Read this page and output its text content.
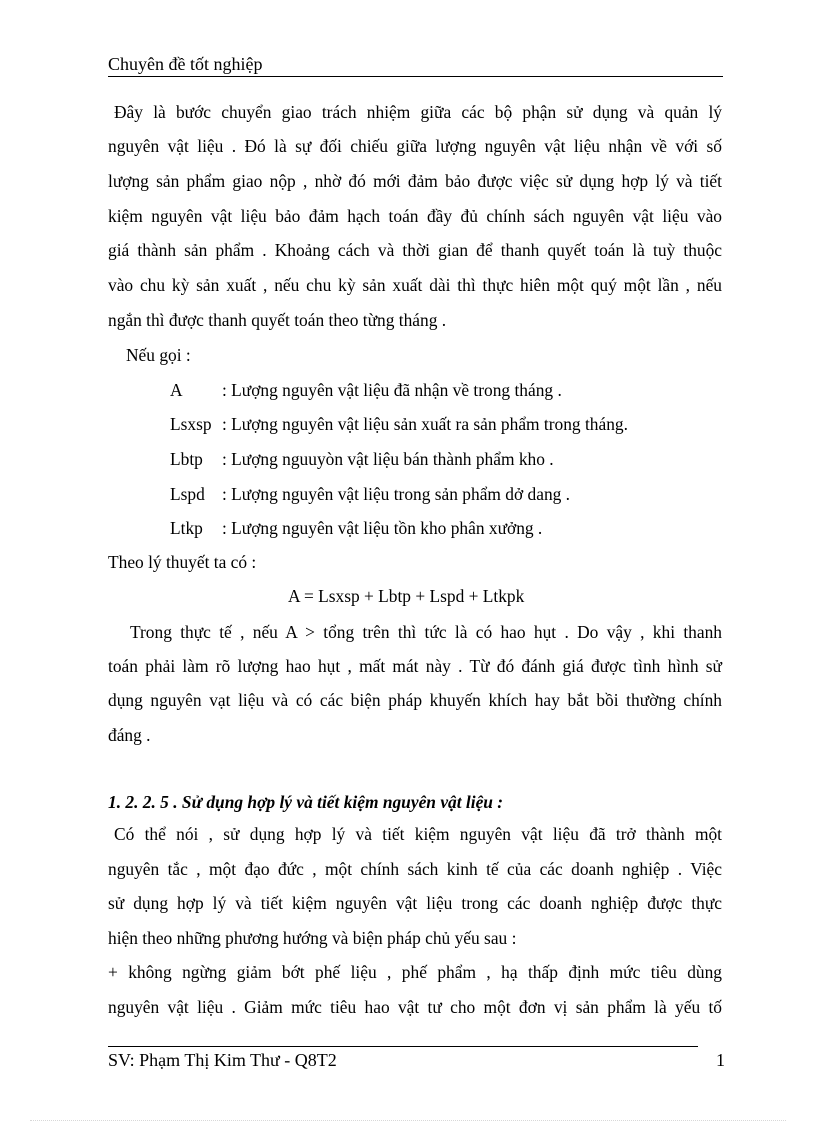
Chuyên đề tốt nghiệp
Đây là bước chuyển giao trách nhiệm giữa các bộ phận sử dụng và quản lý
nguyên vật liệu . Đó là sự đối chiếu giữa lượng nguyên vật liệu nhận về với số
lượng sản phẩm giao nộp , nhờ đó mới đảm bảo được việc sử dụng hợp lý và tiết
kiệm nguyên vật liệu bảo đảm hạch toán đầy đủ chính sách nguyên vật liệu vào
giá thành sản phẩm . Khoảng cách và thời gian để thanh quyết toán là tuỳ thuộc
vào chu kỳ sản xuất , nếu chu kỳ sản xuất dài thì thực hiên một quý một lần , nếu
ngắn thì được thanh quyết toán theo từng tháng .
Nếu gọi :
A : Lượng nguyên vật liệu đã nhận về trong tháng .
Lsxsp : Lượng nguyên vật liệu sản xuất ra sản phẩm trong tháng.
Lbtp : Lượng nguuyòn vật liệu bán thành phẩm kho .
Lspd : Lượng nguyên vật liệu trong sản phẩm dở dang .
Ltkp : Lượng nguyên vật liệu tồn kho phân xưởng .
Theo lý thuyết ta có :
A = Lsxsp + Lbtp + Lspd + Ltkpk
Trong thực tế , nếu A > tổng trên thì tức là có hao hụt . Do vậy , khi thanh
toán phải làm rõ lượng hao hụt , mất mát này . Từ đó đánh giá được tình hình sử
dụng nguyên vạt liệu và có các biện pháp khuyến khích hay bắt bồi thường chính
đáng .
1. 2. 2. 5 . Sử dụng hợp lý và tiết kiệm nguyên vật liệu :
Có thể nói , sử dụng hợp lý và tiết kiệm nguyên vật liệu đã trở thành một
nguyên tắc , một đạo đức , một chính sách kinh tế của các doanh nghiệp . Việc
sử dụng hợp lý và tiết kiệm nguyên vật liệu trong các doanh nghiệp được thực
hiện theo những phương hướng và biện pháp chủ yếu sau :
+ không ngừng giảm bớt phế liệu , phế phẩm , hạ thấp định mức tiêu dùng
nguyên vật liệu . Giảm mức tiêu hao vật tư cho một đơn vị sản phẩm là yếu tố
SV: Phạm Thị Kim Thư - Q8T2	1
